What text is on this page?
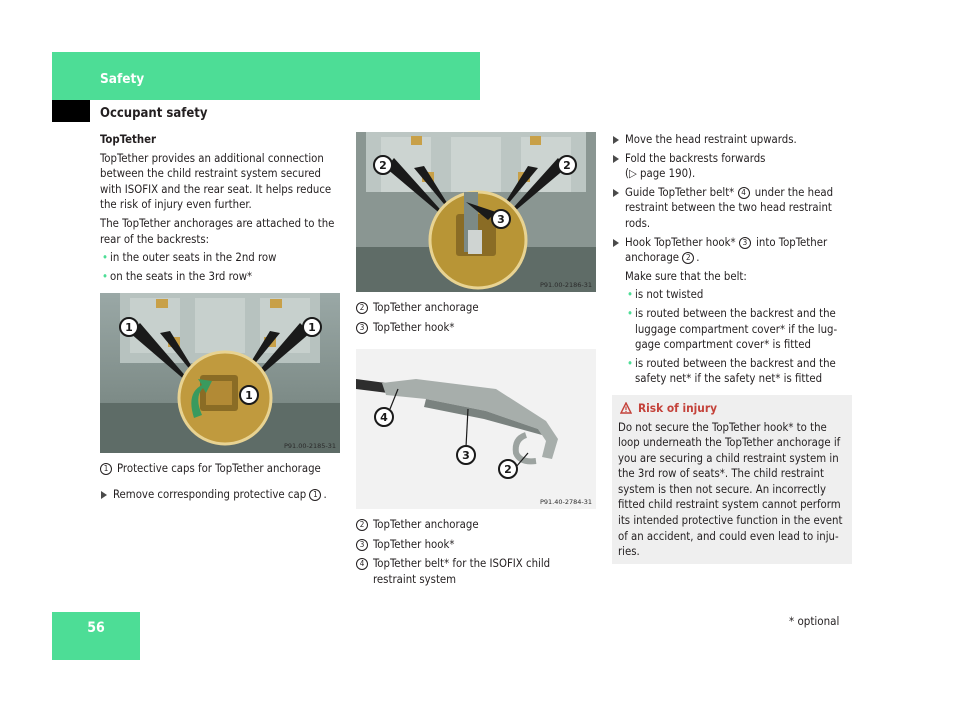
Safety
Occupant safety

TopTether

TopTether provides an additional connection between the child restraint system secured with ISOFIX and the rear seat. It helps reduce the risk of injury even further.

The TopTether anchorages are attached to the rear of the backrests:

• in the outer seats in the 2nd row

• on the seats in the 3rd row*

1	1
1
P91.00-2185-31

1 Protective caps for TopTether anchorage

Remove corresponding protective cap 1 .

2	2
3
P91.00-2186-31

2 TopTether anchorage

3 TopTether hook*

4
3
2
P91.40-2784-31

2 TopTether anchorage

3 TopTether hook*

4 TopTether belt* for the ISOFIX child restraint system

Move the head restraint upwards.

Fold the backrests forwards
(▷ page 190).

Guide TopTether belt* 4 under the head restraint between the two head restraint rods.

Hook TopTether hook* 3 into TopTether anchorage 2 .

Make sure that the belt:

• is not twisted

• is routed between the backrest and the luggage compartment cover* if the lug-gage compartment cover* is fitted

• is routed between the backrest and the safety net* if the safety net* is fitted

Risk of injury

Do not secure the TopTether hook* to the loop underneath the TopTether anchorage if you are securing a child restraint system in the 3rd row of seats*. The child restraint system is then not secure. An incorrectly fitted child restraint system cannot perform its intended protective function in the event of an accident, and could even lead to inju-ries.

56	* optional
